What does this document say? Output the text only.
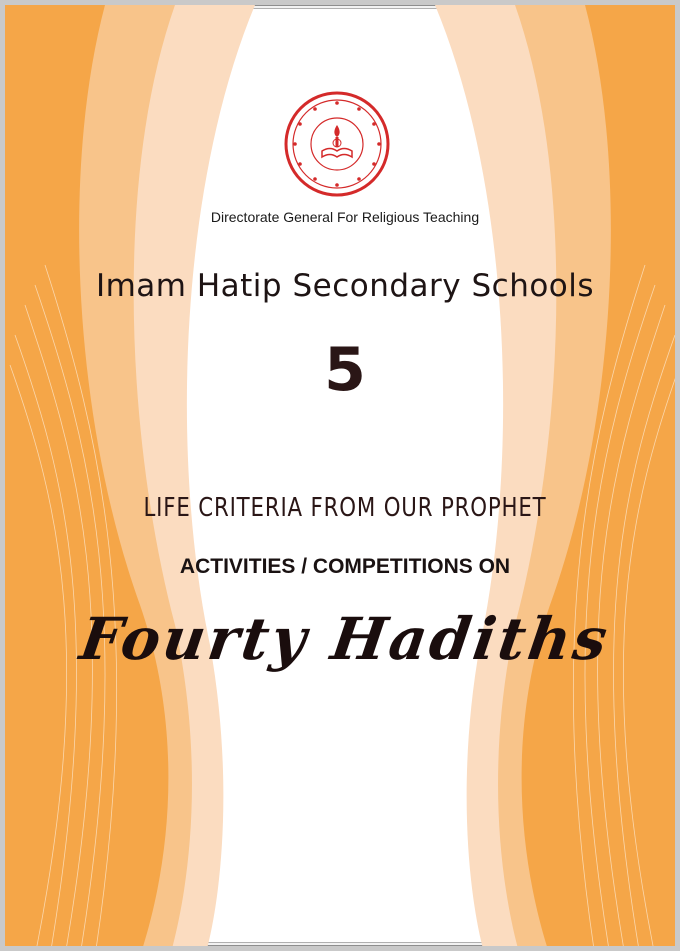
Directorate General For Religious Teaching
Imam Hatip Secondary Schools
5
LIFE CRITERIA FROM OUR PROPHET
ACTIVITIES / COMPETITIONS ON
Fourty Hadiths
